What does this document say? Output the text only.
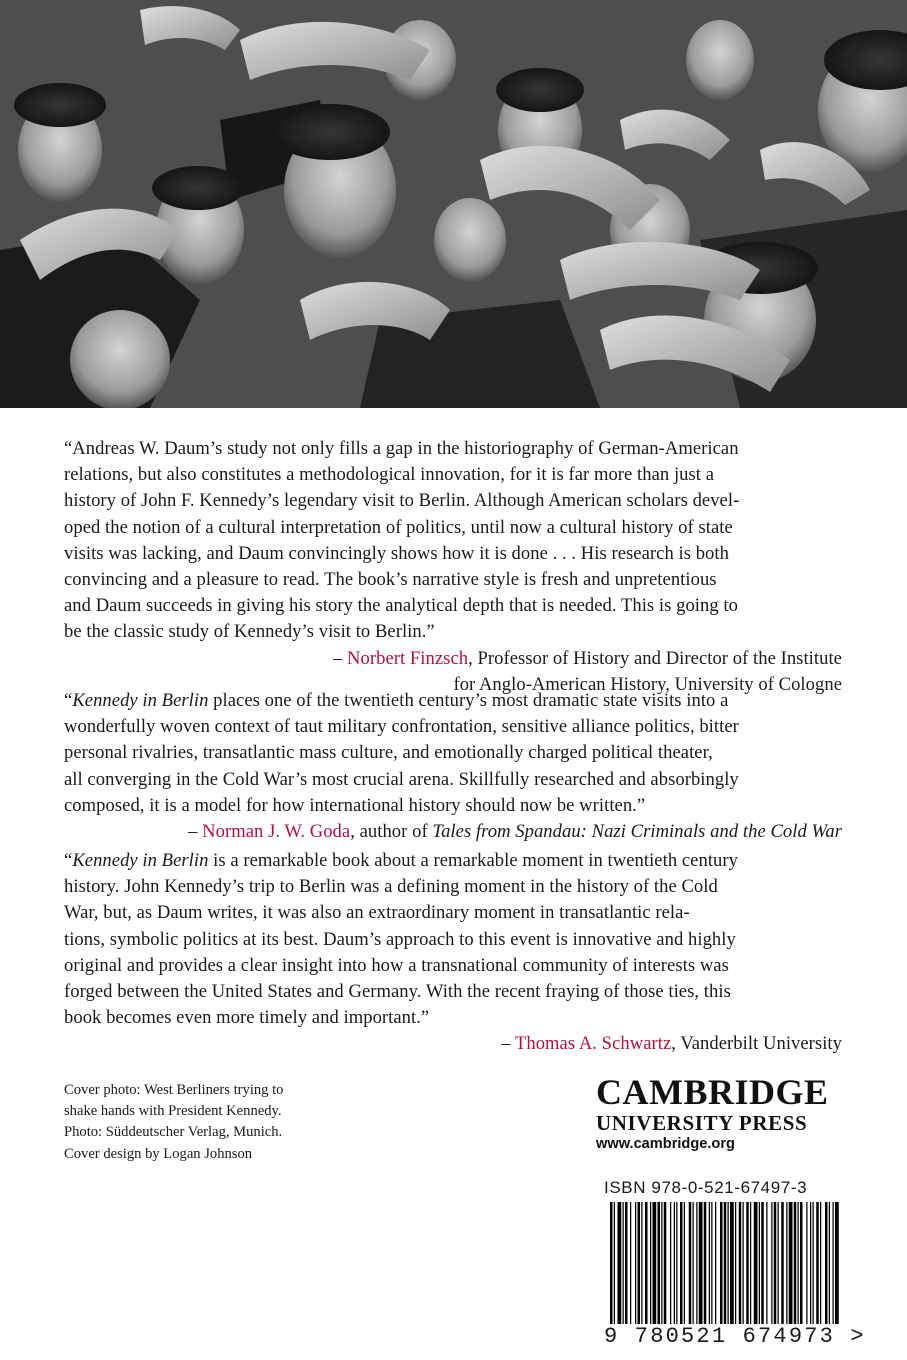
“Andreas W. Daum’s study not only fills a gap in the historiography of German-American
relations, but also constitutes a methodological innovation, for it is far more than just a
history of John F. Kennedy’s legendary visit to Berlin. Although American scholars devel-
oped the notion of a cultural interpretation of politics, until now a cultural history of state
visits was lacking, and Daum convincingly shows how it is done . . . His research is both
convincing and a pleasure to read. The book’s narrative style is fresh and unpretentious
and Daum succeeds in giving his story the analytical depth that is needed. This is going to
be the classic study of Kennedy’s visit to Berlin.”

– Norbert Finzsch, Professor of History and Director of the Institute
for Anglo-American History, University of Cologne

“Kennedy in Berlin places one of the twentieth century’s most dramatic state visits into a
wonderfully woven context of taut military confrontation, sensitive alliance politics, bitter
personal rivalries, transatlantic mass culture, and emotionally charged political theater,
all converging in the Cold War’s most crucial arena. Skillfully researched and absorbingly
composed, it is a model for how international history should now be written.”

– Norman J. W. Goda, author of Tales from Spandau: Nazi Criminals and the Cold War

“Kennedy in Berlin is a remarkable book about a remarkable moment in twentieth century
history. John Kennedy’s trip to Berlin was a defining moment in the history of the Cold
War, but, as Daum writes, it was also an extraordinary moment in transatlantic rela-
tions, symbolic politics at its best. Daum’s approach to this event is innovative and highly
original and provides a clear insight into how a transnational community of interests was
forged between the United States and Germany. With the recent fraying of those ties, this
book becomes even more timely and important.”

– Thomas A. Schwartz, Vanderbilt University
Cover photo: West Berliners trying to
shake hands with President Kennedy.
Photo: Süddeutscher Verlag, Munich.
Cover design by Logan Johnson
CAMBRIDGE
UNIVERSITY PRESS
www.cambridge.org
ISBN 978-0-521-67497-3
9 780521 674973 >
